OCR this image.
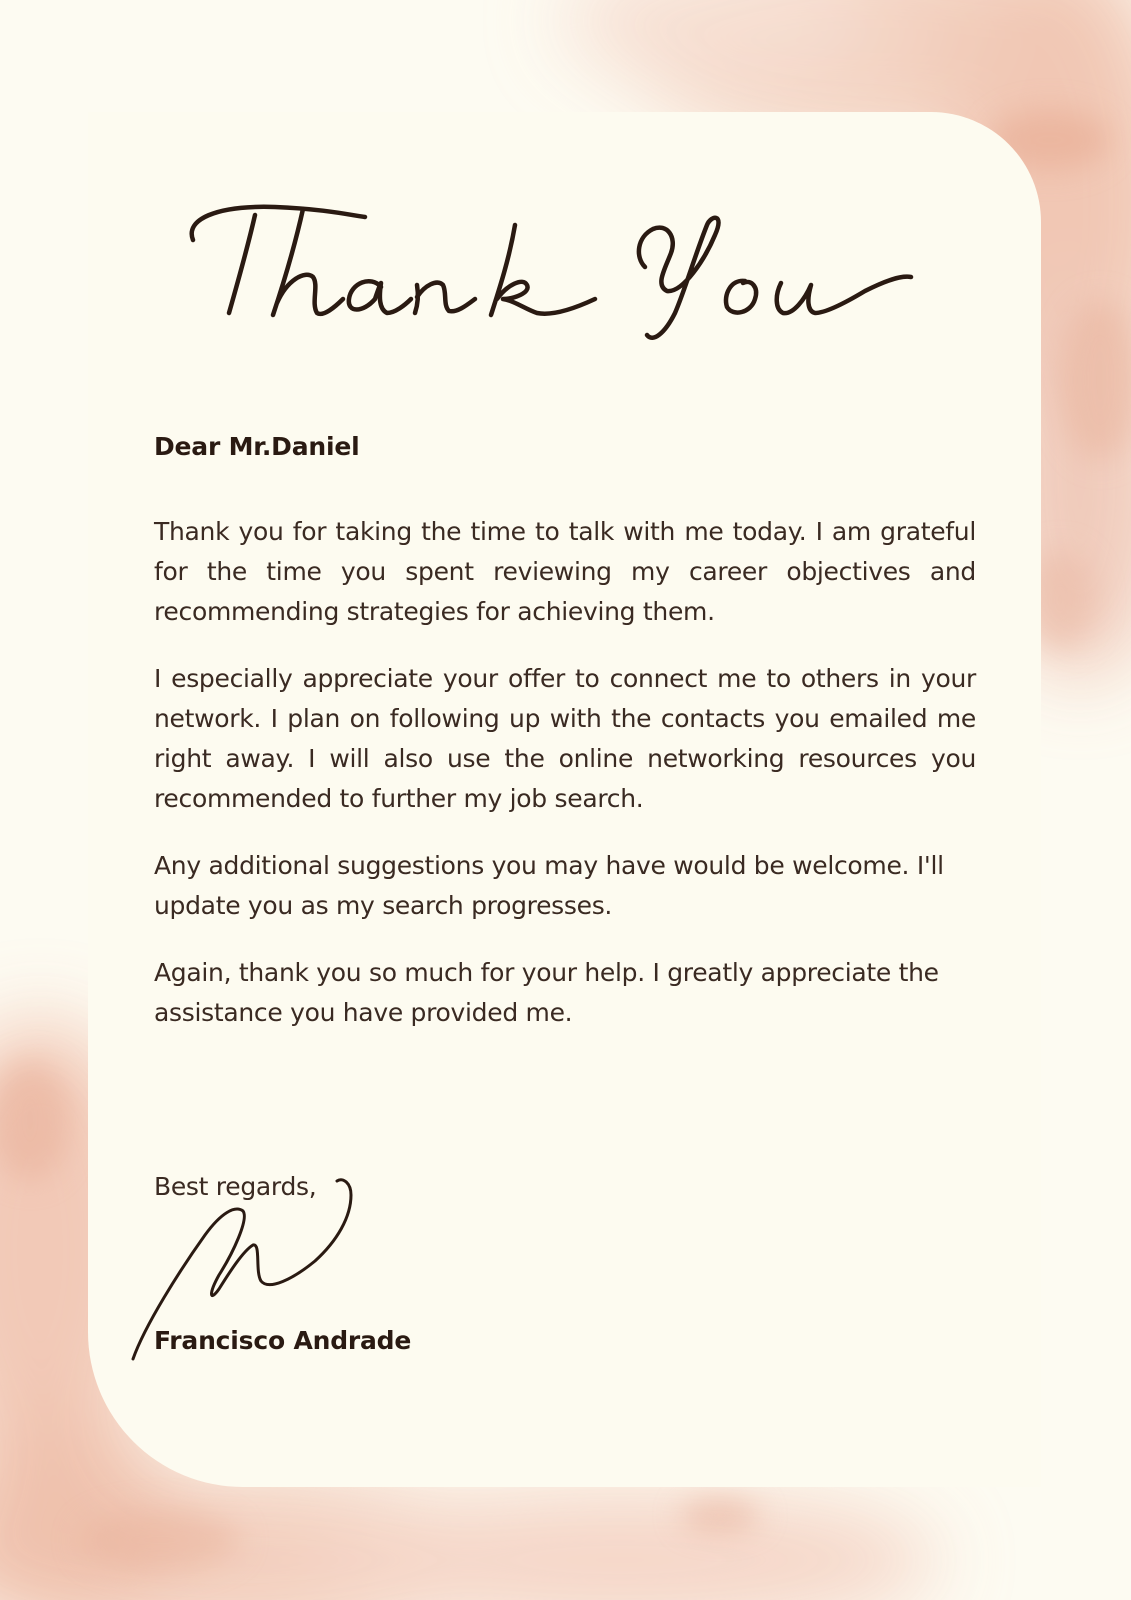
Dear Mr.Daniel

Thank you for taking the time to talk with me today. I am grateful for the time you spent reviewing my career objectives and recommending strategies for achieving them.

I especially appreciate your offer to connect me to others in your network. I plan on following up with the contacts you emailed me right away. I will also use the online networking resources you recommended to further my job search.

Any additional suggestions you may have would be welcome. I'll update you as my search progresses.

Again, thank you so much for your help. I greatly appreciate the assistance you have provided me.

Best regards,

Francisco Andrade
